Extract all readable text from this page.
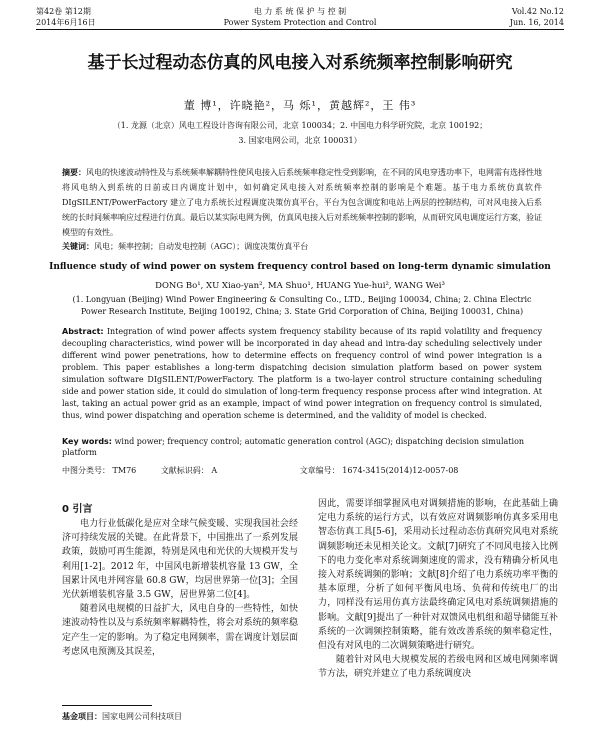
第42卷 第12期
2014年6月16日
电 力 系 统 保 护 与 控 制
Power System Protection and Control
Vol.42 No.12
Jun. 16, 2014
基于长过程动态仿真的风电接入对系统频率控制影响研究
董 博¹，许晓艳²，马 烁¹，黄越辉²，王 伟³
（1. 龙源（北京）风电工程设计咨询有限公司，北京 100034；2. 中国电力科学研究院，北京 100192；
3. 国家电网公司，北京 100031）
摘要：风电的快速波动特性及与系统频率解耦特性使风电接入后系统频率稳定性受到影响，在不同的风电穿透功率下，电网需有选择性地将风电纳入到系统的日前或日内调度计划中，如何确定风电接入对系统频率控制的影响是个难题。基于电力系统仿真软件 DIgSILENT/PowerFactory 建立了电力系统长过程调度决策仿真平台，平台为包含调度和电站上两层的控制结构，可对风电接入后系统的长时间频率响应过程进行仿真。最后以某实际电网为例，仿真风电接入后对系统频率控制的影响，从而研究风电调度运行方案，验证模型的有效性。
关键词：风电；频率控制；自动发电控制（AGC）；调度决策仿真平台
Influence study of wind power on system frequency control based on long-term dynamic simulation
DONG Bo¹, XU Xiao-yan², MA Shuo¹, HUANG Yue-hui², WANG Wei³
(1. Longyuan (Beijing) Wind Power Engineering & Consulting Co., LTD., Beijing 100034, China; 2. China Electric Power Research Institute, Beijing 100192, China; 3. State Grid Corporation of China, Beijing 100031, China)
Abstract: Integration of wind power affects system frequency stability because of its rapid volatility and frequency decoupling characteristics, wind power will be incorporated in day ahead and intra-day scheduling selectively under different wind power penetrations, how to determine effects on frequency control of wind power integration is a problem. This paper establishes a long-term dispatching decision simulation platform based on power system simulation software DIgSILENT/PowerFactory. The platform is a two-layer control structure containing scheduling side and power station side, it could do simulation of long-term frequency response process after wind integration. At last, taking an actual power grid as an example, impact of wind power integration on frequency control is simulated, thus, wind power dispatching and operation scheme is determined, and the validity of model is checked.
Key words: wind power; frequency control; automatic generation control (AGC); dispatching decision simulation platform
中图分类号： TM76	文献标识码： A	文章编号： 1674-3415(2014)12-0057-08
0 引言

电力行业低碳化是应对全球气候变暖、实现我国社会经济可持续发展的关键。在此背景下，中国推出了一系列发展政策，鼓励可再生能源，特别是风电和光伏的大规模开发与利用[1-2]。2012 年，中国风电新增装机容量 13 GW，全国累计风电并网容量 60.8 GW，均居世界第一位[3]；全国光伏新增装机容量 3.5 GW，居世界第二位[4]。

随着风电规模的日益扩大，风电自身的一些特性，如快速波动特性以及与系统频率解耦特性，将会对系统的频率稳定产生一定的影响。为了稳定电网频率，需在调度计划层面考虑风电预测及其误差，

因此，需要详细掌握风电对调频措施的影响，在此基础上确定电力系统的运行方式，以有效应对调频影响仿真多采用电智态仿真工具[5-6]，采用动长过程动态仿真研究风电对系统调频影响还未见相关论文。文献[7]研究了不同风电接入比例下的电力变化率对系统调频速度的需求，没有精确分析风电接入对系统调频的影响；文献[8]介绍了电力系统功率平衡的基本原理，分析了如何平衡风电场、负荷和传统电厂的出力，同样没有运用仿真方法最终确定风电对系统调频措施的影响。文献[9]提出了一种针对双馈风电机组和超导储能互补系统的一次调频控制策略，能有效改善系统的频率稳定性，但没有对风电的二次调频策略进行研究。

随着针对风电大规模发展的若级电网和区域电网频率调节方法，研究并建立了电力系统调度决

基金项目：国家电网公司科技项目
